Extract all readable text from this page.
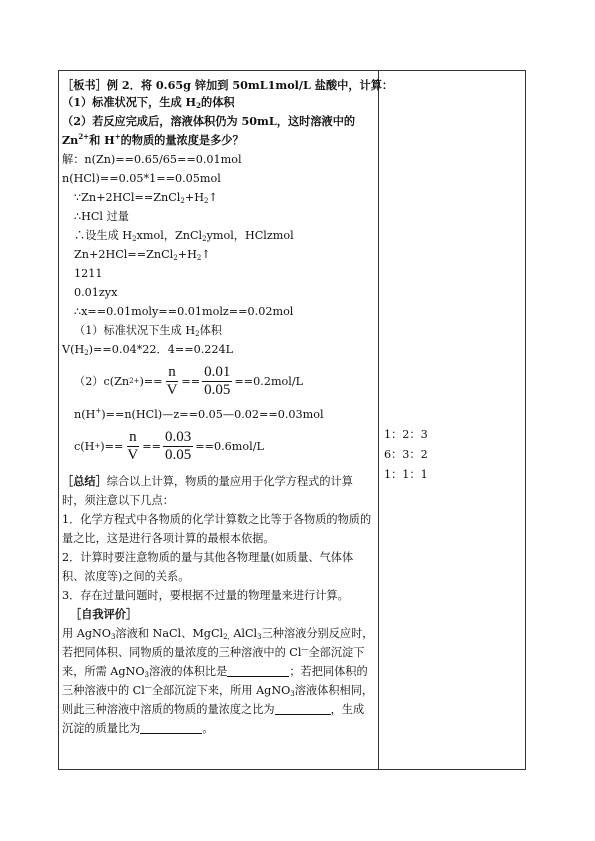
［板书］例 2．将 0.65g 锌加到 50mL1mol/L 盐酸中，计算：
（1）标准状况下，生成 $H_2$的体积
（2）若反应完成后，溶液体积仍为 50mL，这时溶液中的
$Zn^{2+}$和 H+的物质的量浓度是多少？
解：n(Zn)==0.65/65==0.01mol
n(HCl)==0.05*1==0.05mol
$\because Zn+2HCl==ZnCl_2+H_2↑$
∴HCl 过量
∴设生成 $H_2xmol$，ZnCl$_2$ymol，HClzmol
$Zn+2HCl==ZnCl_2+H_2↑$
1211
0.01zyx
∴x==0.01moly==0.01molz==0.02mol
（1）标准状况下生成 $H_2$体积
$V(H_2)==0.04*22$．4==0.224L
（2）c(Zn 2+ )== $\frac{n}{V} == \frac{0.01}{0.05} ==0.2mol/L$
n(H+)==n(HCl)—z==0.05—0.02==0.03mol
c(H + )== $\frac{n}{V} == \frac{0.03}{0.05} ==0.6mol/L$
［总结］综合以上计算，物质的量应用于化学方程式的计算时，须注意以下几点：
1．化学方程式中各物质的化学计算数之比等于各物质的物质的量之比，这是进行各项计算的最根本依据。
2．计算时要注意物质的量与其他各物理量(如质量、气体体积、浓度等)之间的关系。
3．存在过量问题时，要根据不过量的物理量来进行计算。
［自我评价］
用 AgNO$_3$溶液和 NaCl、MgCl$_{2,}$ AlCl$_3$三种溶液分别反应时，若把同体积、同物质的量浓度的三种溶液中的 Cl—全部沉淀下来，所需 AgNO$_3$溶液的体积比是	；若把同体积的三种溶液中的 Cl—全部沉淀下来，所用 AgNO$_3$溶液体积相同，则此三种溶液中溶质的物质的量浓度之比为	，生成沉淀的质量比为	。
1：2：3
6：3：2
1：1：1
